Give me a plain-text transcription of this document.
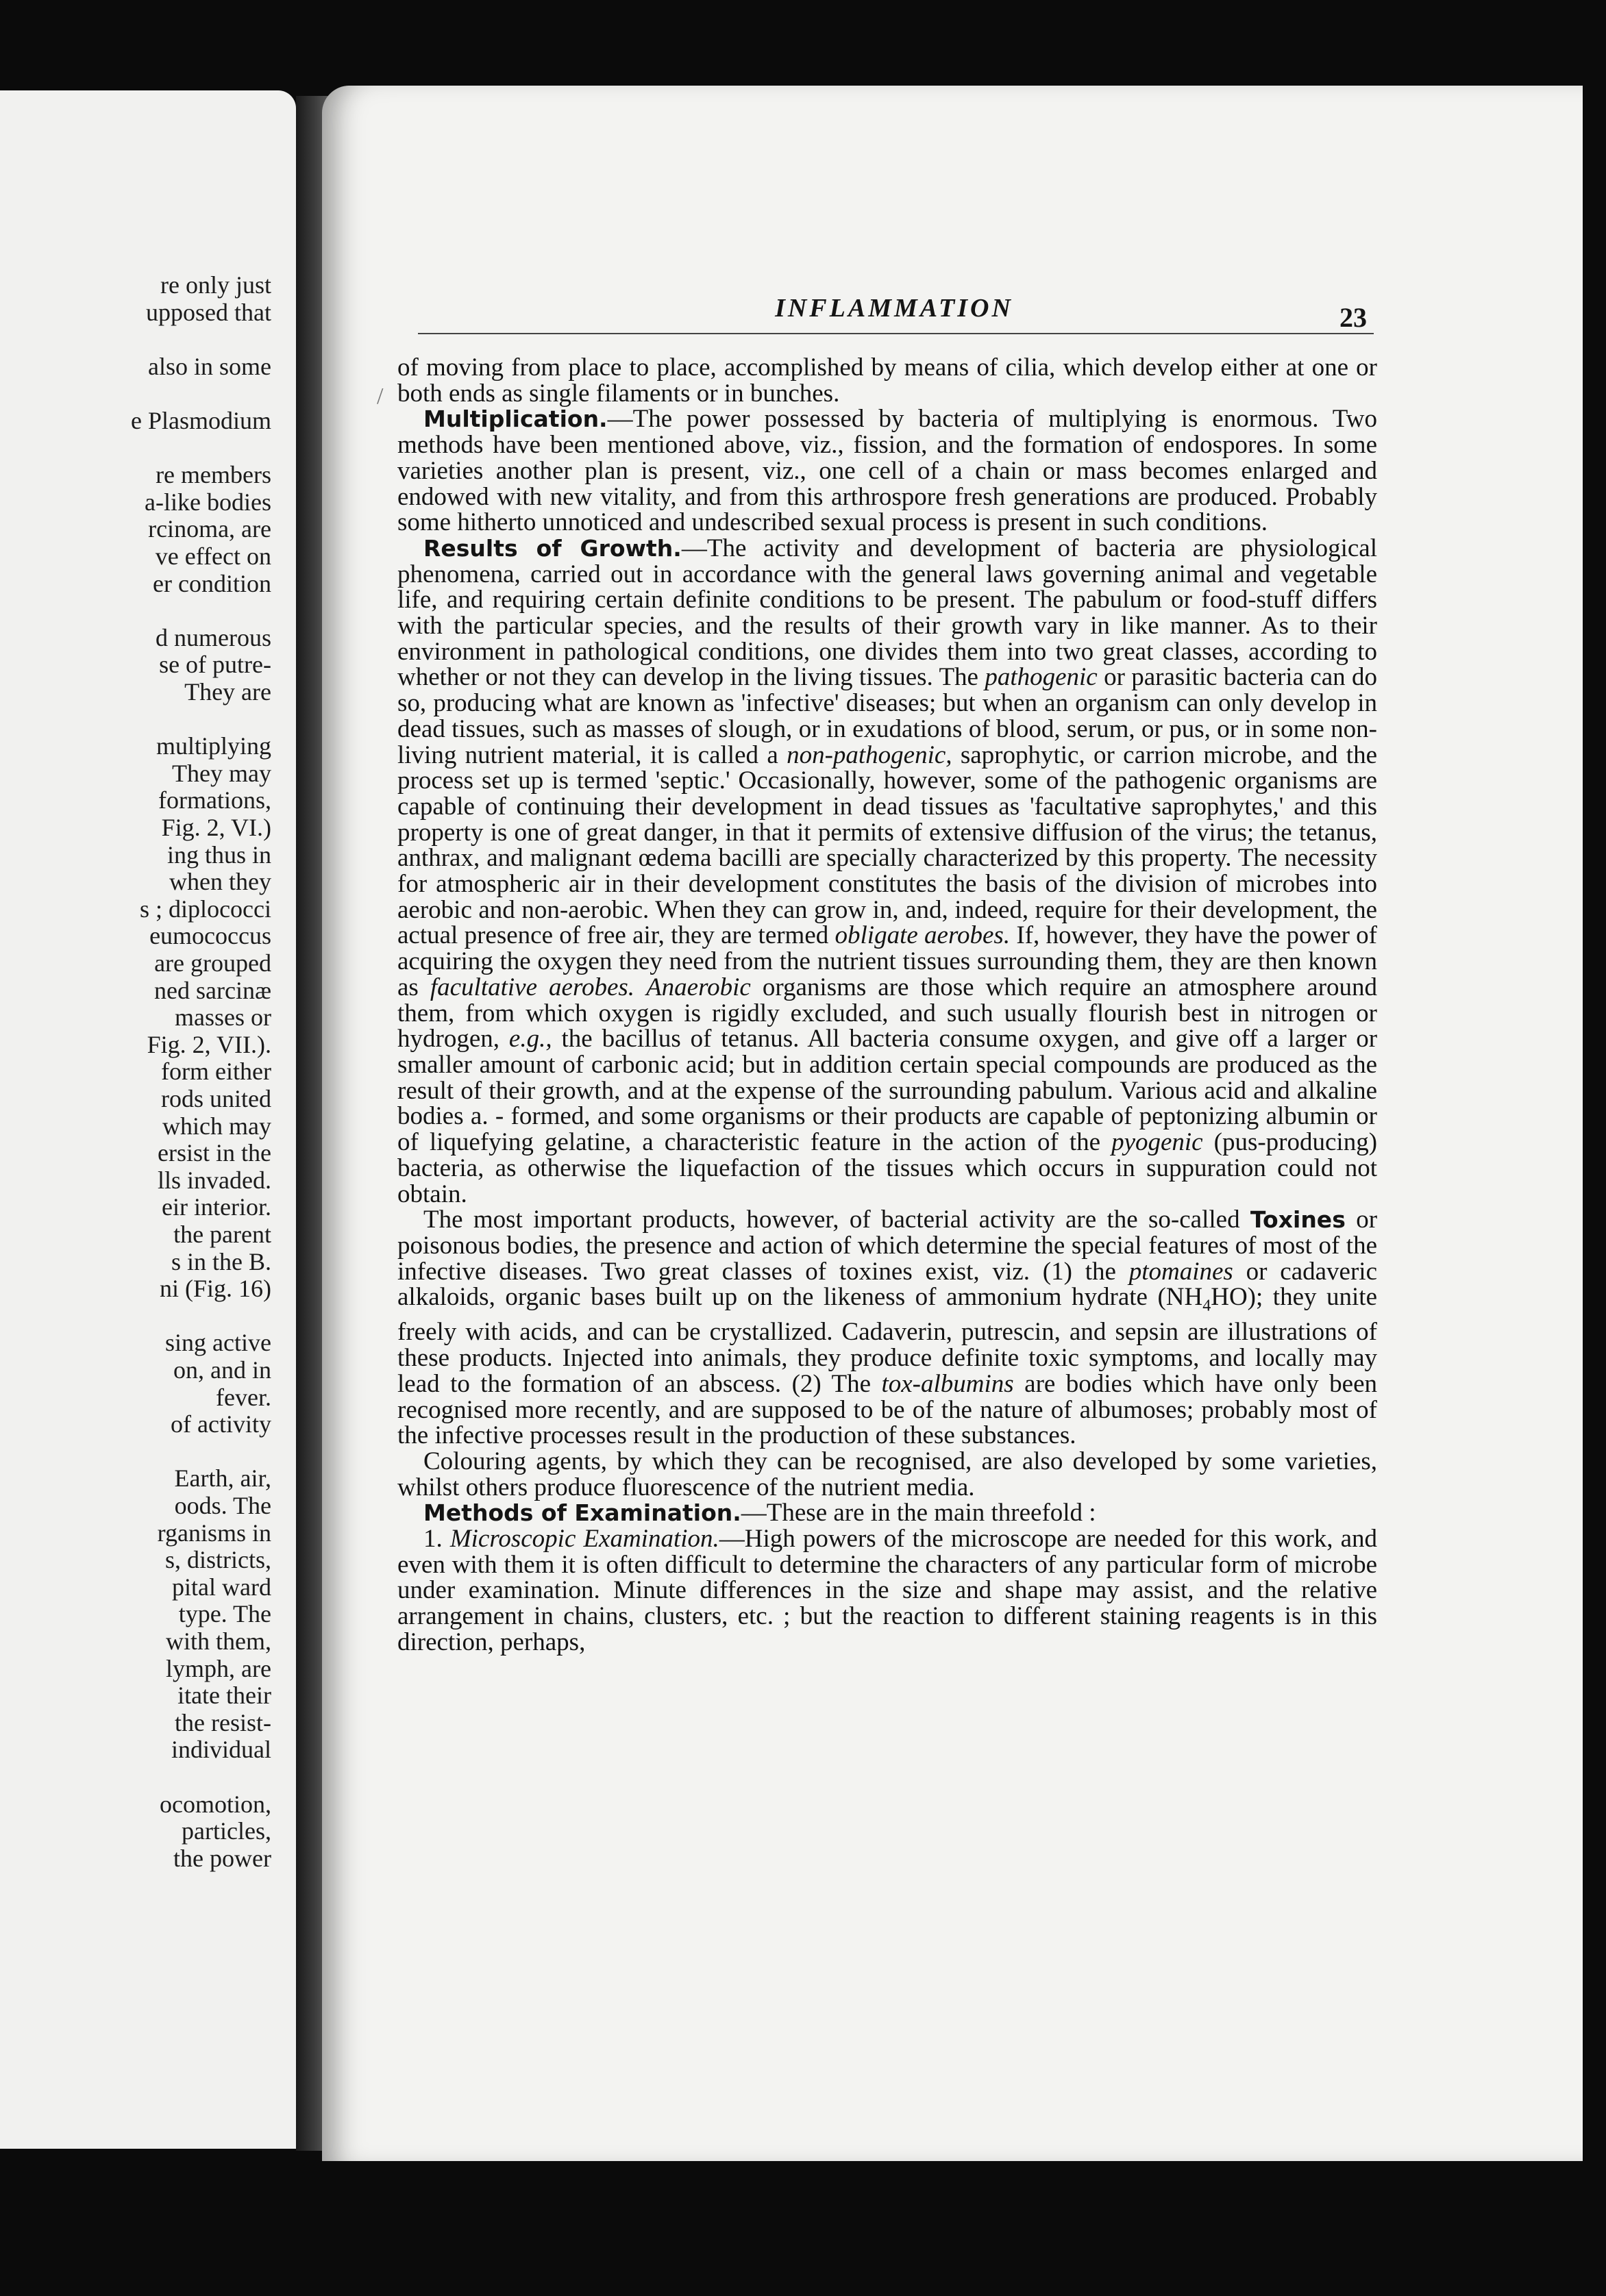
re only just
upposed that
also in some
e Plasmodium
re members
a-like bodies
rcinoma, are
ve effect on
er condition
d numerous
se of putre-
They are
multiplying
They may
formations,
Fig. 2, VI.)
ing thus in
when they
s ; diplococci
eumococcus
are grouped
ned sarcinæ
masses or
Fig. 2, VII.).
form either
rods united
which may
ersist in the
lls invaded.
eir interior.
the parent
s in the B.
ni (Fig. 16)
sing active
on, and in
fever.
of activity
Earth, air,
oods. The
rganisms in
s, districts,
pital ward
type. The
with them,
lymph, are
itate their
the resist-
individual
ocomotion,
particles,
the power
INFLAMMATION	23

of moving from place to place, accomplished by means of cilia, which develop either at one or both ends as single filaments or in bunches.

Multiplication.—The power possessed by bacteria of multiplying is enormous. Two methods have been mentioned above, viz., fission, and the formation of endospores. In some varieties another plan is present, viz., one cell of a chain or mass becomes enlarged and endowed with new vitality, and from this arthrospore fresh generations are produced. Probably some hitherto unnoticed and undescribed sexual process is present in such conditions.

Results of Growth.—The activity and development of bacteria are physiological phenomena, carried out in accordance with the general laws governing animal and vegetable life, and requiring certain definite conditions to be present. The pabulum or food-stuff differs with the particular species, and the results of their growth vary in like manner. As to their environment in pathological conditions, one divides them into two great classes, according to whether or not they can develop in the living tissues. The pathogenic or parasitic bacteria can do so, producing what are known as 'infective' diseases; but when an organism can only develop in dead tissues, such as masses of slough, or in exudations of blood, serum, or pus, or in some non-living nutrient material, it is called a non-pathogenic, saprophytic, or carrion microbe, and the process set up is termed 'septic.' Occasionally, however, some of the pathogenic organisms are capable of continuing their development in dead tissues as 'facultative saprophytes,' and this property is one of great danger, in that it permits of extensive diffusion of the virus; the tetanus, anthrax, and malignant œdema bacilli are specially characterized by this property. The necessity for atmospheric air in their development constitutes the basis of the division of microbes into aerobic and non-aerobic. When they can grow in, and, indeed, require for their development, the actual presence of free air, they are termed obligate aerobes. If, however, they have the power of acquiring the oxygen they need from the nutrient tissues surrounding them, they are then known as facultative aerobes. Anaerobic organisms are those which require an atmosphere around them, from which oxygen is rigidly excluded, and such usually flourish best in nitrogen or hydrogen, e.g., the bacillus of tetanus. All bacteria consume oxygen, and give off a larger or smaller amount of carbonic acid; but in addition certain special compounds are produced as the result of their growth, and at the expense of the surrounding pabulum. Various acid and alkaline bodies a. - formed, and some organisms or their products are capable of peptonizing albumin or of liquefying gelatine, a characteristic feature in the action of the pyogenic (pus-producing) bacteria, as otherwise the liquefaction of the tissues which occurs in suppuration could not obtain.

The most important products, however, of bacterial activity are the so-called Toxines or poisonous bodies, the presence and action of which determine the special features of most of the infective diseases. Two great classes of toxines exist, viz. (1) the ptomaines or cadaveric alkaloids, organic bases built up on the likeness of ammonium hydrate $(NH_4HO)$; they unite freely with acids, and can be crystallized. Cadaverin, putrescin, and sepsin are illustrations of these products. Injected into animals, they produce definite toxic symptoms, and locally may lead to the formation of an abscess. (2) The tox-albumins are bodies which have only been recognised more recently, and are supposed to be of the nature of albumoses; probably most of the infective processes result in the production of these substances.

Colouring agents, by which they can be recognised, are also developed by some varieties, whilst others produce fluorescence of the nutrient media.

Methods of Examination.—These are in the main threefold :

1. Microscopic Examination.—High powers of the microscope are needed for this work, and even with them it is often difficult to determine the characters of any particular form of microbe under examination. Minute differences in the size and shape may assist, and the relative arrangement in chains, clusters, etc. ; but the reaction to different staining reagents is in this direction, perhaps,

/
